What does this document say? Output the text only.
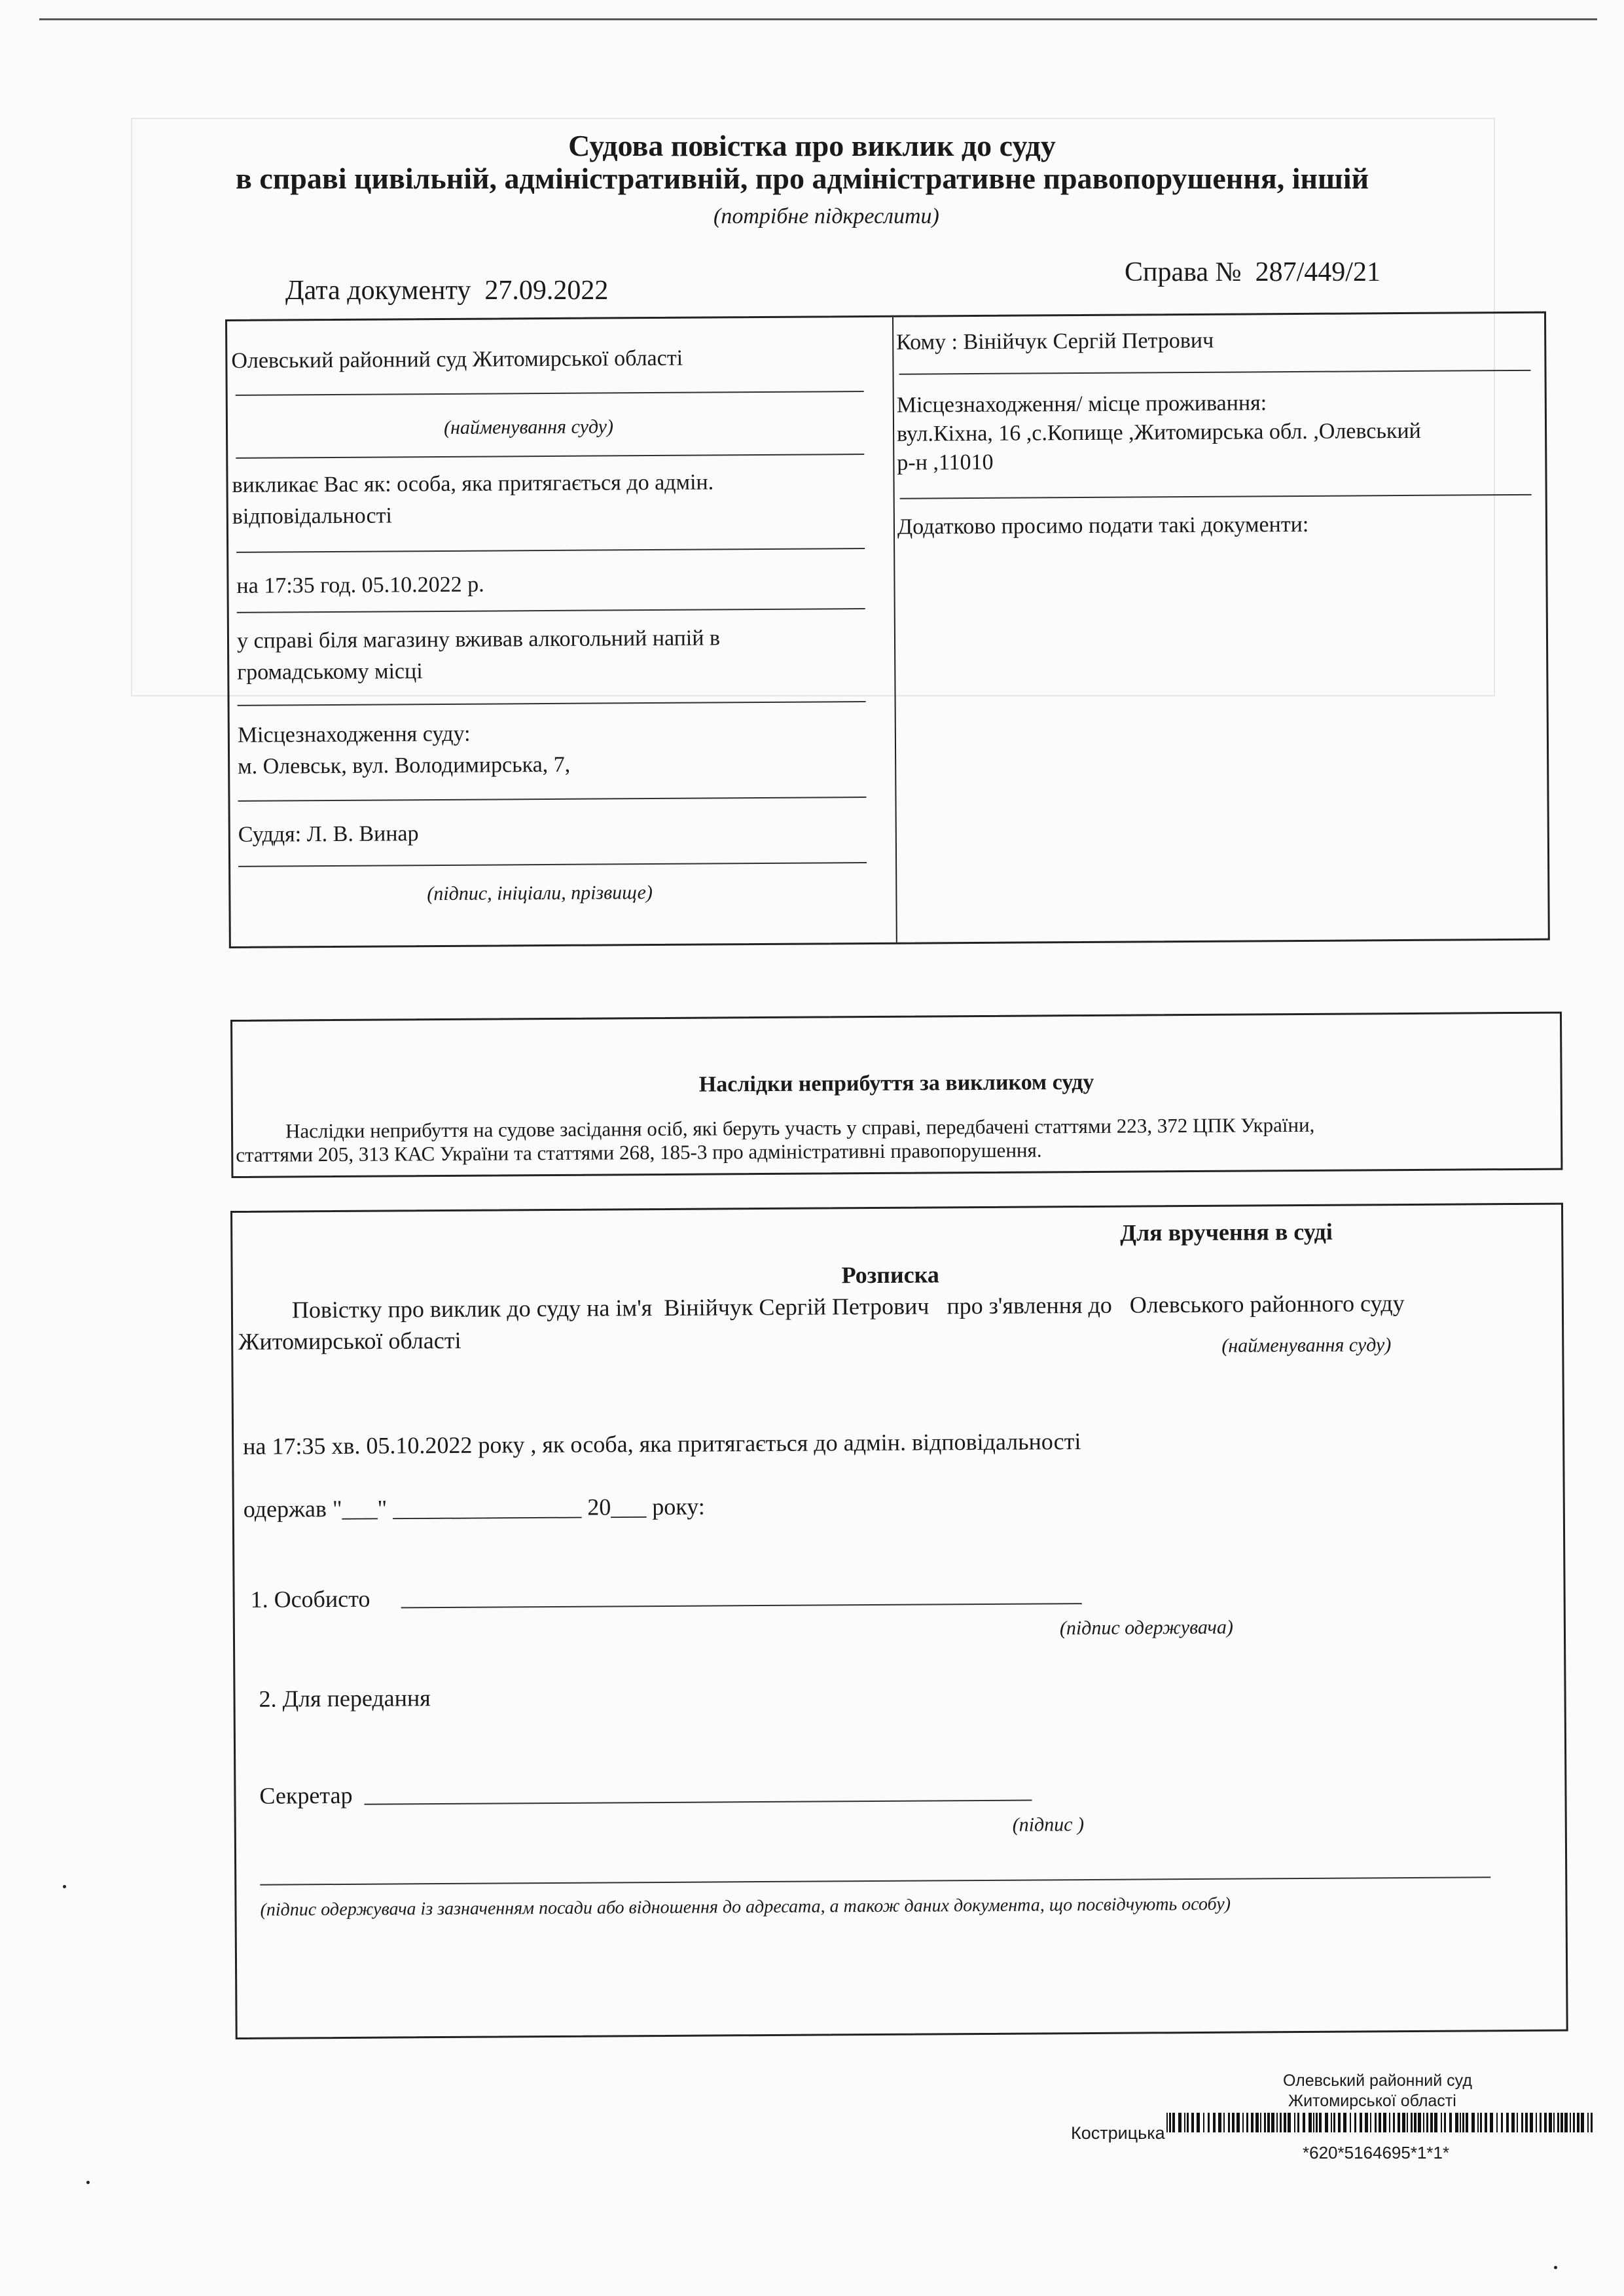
Судова повістка про виклик до суду
в справі цивільній, адміністративній, про адміністративне правопорушення, іншій
(потрібне підкреслити)
Дата документу 27.09.2022
Справа № 287/449/21
Олевський районний суд Житомирської області
(найменування суду)
викликає Вас як: особа, яка притягається до адмін.
відповідальності
на 17:35 год. 05.10.2022 р.
у справі біля магазину вживав алкогольний напій в
громадському місці
Місцезнаходження суду:
м. Олевськ, вул. Володимирська, 7,
Суддя: Л. В. Винар
(підпис, ініціали, прізвище)
Кому : Вінійчук Сергій Петрович
Місцезнаходження/ місце проживання:
вул.Кіхна, 16 ,с.Копище ,Житомирська обл. ,Олевський
р-н ,11010
Додатково просимо подати такі документи:
Наслідки неприбуття за викликом суду
Наслідки неприбуття на судове засідання осіб, які беруть участь у справі, передбачені статтями 223, 372 ЦПК України,
статтями 205, 313 КАС України та статтями 268, 185-3 про адміністративні правопорушення.
Для вручення в суді
Розписка
Повістку про виклик до суду на ім'я Вінійчук Сергій Петрович про з'явлення до Олевського районного суду
Житомирської області	(найменування суду)
на 17:35 хв. 05.10.2022 року , як особа, яка притягається до адмін. відповідальності
одержав "___" ________________ 20___ року:
1. Особисто
(підпис одержувача)
2. Для передання
Секретар
(підпис )
(підпис одержувача із зазначенням посади або відношення до адресата, а також даних документа, що посвідчують особу)
Олевський районний суд
Житомирської області
Кострицька
*620*5164695*1*1*
